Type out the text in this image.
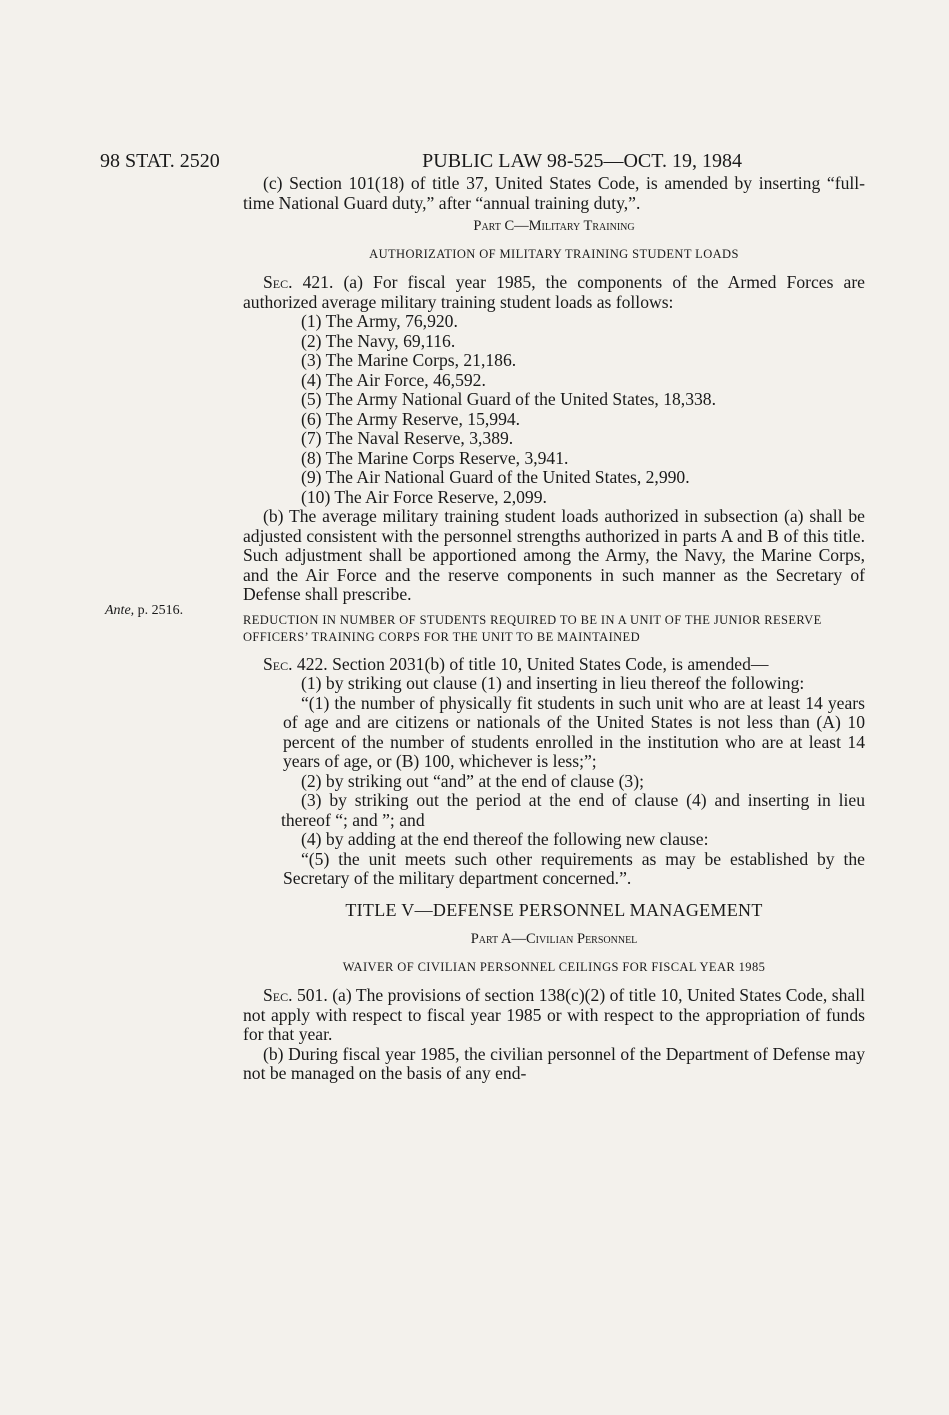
98 STAT. 2520	PUBLIC LAW 98-525—OCT. 19, 1984
Ante, p. 2516.

(c) Section 101(18) of title 37, United States Code, is amended by inserting “full-time National Guard duty,” after “annual training duty,”.

Part C—Military Training
AUTHORIZATION OF MILITARY TRAINING STUDENT LOADS

Sec. 421. (a) For fiscal year 1985, the components of the Armed Forces are authorized average military training student loads as follows:

(1) The Army, 76,920.

(2) The Navy, 69,116.

(3) The Marine Corps, 21,186.

(4) The Air Force, 46,592.

(5) The Army National Guard of the United States, 18,338.

(6) The Army Reserve, 15,994.

(7) The Naval Reserve, 3,389.

(8) The Marine Corps Reserve, 3,941.

(9) The Air National Guard of the United States, 2,990.

(10) The Air Force Reserve, 2,099.

(b) The average military training student loads authorized in subsection (a) shall be adjusted consistent with the personnel strengths authorized in parts A and B of this title. Such adjustment shall be apportioned among the Army, the Navy, the Marine Corps, and the Air Force and the reserve components in such manner as the Secretary of Defense shall prescribe.

REDUCTION IN NUMBER OF STUDENTS REQUIRED TO BE IN A UNIT OF THE JUNIOR RESERVE OFFICERS’ TRAINING CORPS FOR THE UNIT TO BE MAINTAINED

Sec. 422. Section 2031(b) of title 10, United States Code, is amended—

(1) by striking out clause (1) and inserting in lieu thereof the following:

“(1) the number of physically fit students in such unit who are at least 14 years of age and are citizens or nationals of the United States is not less than (A) 10 percent of the number of students enrolled in the institution who are at least 14 years of age, or (B) 100, whichever is less;”;

(2) by striking out “and” at the end of clause (3);

(3) by striking out the period at the end of clause (4) and inserting in lieu thereof “; and ”; and

(4) by adding at the end thereof the following new clause:

“(5) the unit meets such other requirements as may be established by the Secretary of the military department concerned.”.

TITLE V—DEFENSE PERSONNEL MANAGEMENT
Part A—Civilian Personnel
WAIVER OF CIVILIAN PERSONNEL CEILINGS FOR FISCAL YEAR 1985

Sec. 501. (a) The provisions of section 138(c)(2) of title 10, United States Code, shall not apply with respect to fiscal year 1985 or with respect to the appropriation of funds for that year.

(b) During fiscal year 1985, the civilian personnel of the Department of Defense may not be managed on the basis of any end-
